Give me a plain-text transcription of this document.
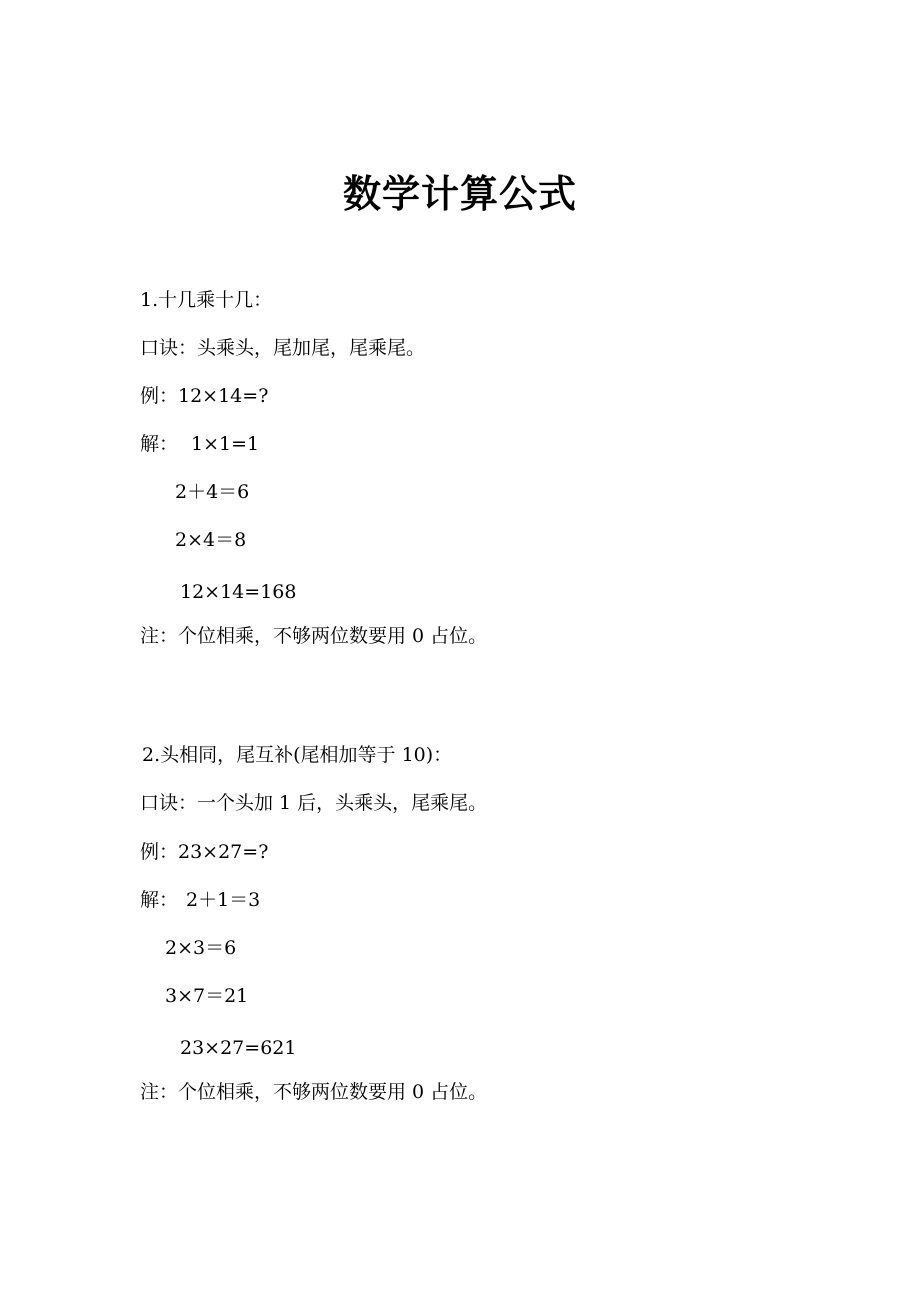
数学计算公式
1.十几乘十几：
口诀：头乘头，尾加尾，尾乘尾。
例：12×14=?
解： 1×1=1
2＋4＝6
2×4＝8
12×14=168
注：个位相乘，不够两位数要用 0 占位。
2.头相同，尾互补(尾相加等于 10)：
口诀：一个头加 1 后，头乘头，尾乘尾。
例：23×27=?
解： 2＋1＝3
2×3＝6
3×7＝21
23×27=621
注：个位相乘，不够两位数要用 0 占位。
